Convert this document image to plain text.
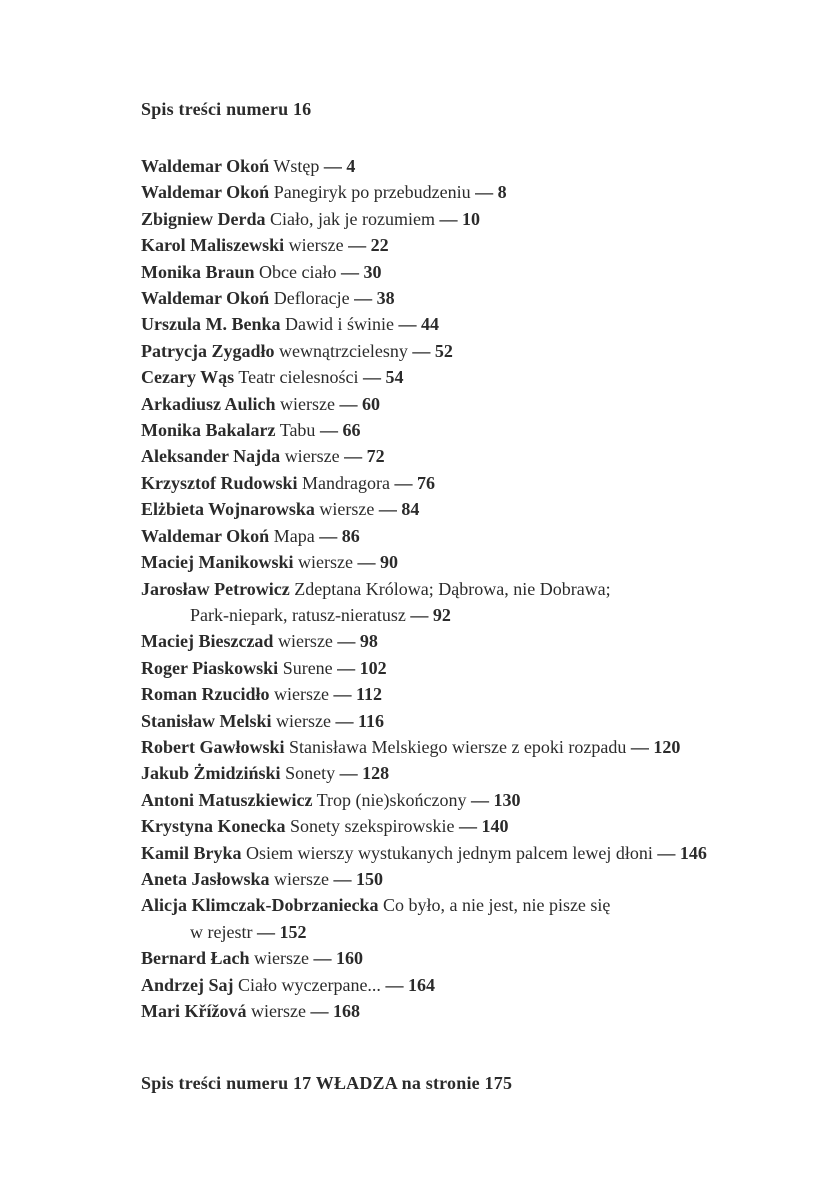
Spis treści numeru 16
Waldemar Okoń Wstęp — 4
Waldemar Okoń Panegiryk po przebudzeniu — 8
Zbigniew Derda Ciało, jak je rozumiem — 10
Karol Maliszewski wiersze — 22
Monika Braun Obce ciało — 30
Waldemar Okoń Defloracje — 38
Urszula M. Benka Dawid i świnie — 44
Patrycja Zygadło wewnątrzcielesny — 52
Cezary Wąs Teatr cielesności — 54
Arkadiusz Aulich wiersze — 60
Monika Bakalarz Tabu — 66
Aleksander Najda wiersze — 72
Krzysztof Rudowski Mandragora — 76
Elżbieta Wojnarowska wiersze — 84
Waldemar Okoń Mapa — 86
Maciej Manikowski wiersze — 90
Jarosław Petrowicz Zdeptana Królowa; Dąbrowa, nie Dobrawa;
Park-niepark, ratusz-nieratusz — 92
Maciej Bieszczad wiersze — 98
Roger Piaskowski Surene — 102
Roman Rzucidło wiersze — 112
Stanisław Melski wiersze — 116
Robert Gawłowski Stanisława Melskiego wiersze z epoki rozpadu — 120
Jakub Żmidziński Sonety — 128
Antoni Matuszkiewicz Trop (nie)skończony — 130
Krystyna Konecka Sonety szekspirowskie — 140
Kamil Bryka Osiem wierszy wystukanych jednym palcem lewej dłoni — 146
Aneta Jasłowska wiersze — 150
Alicja Klimczak-Dobrzaniecka Co było, a nie jest, nie pisze się
w rejestr — 152
Bernard Łach wiersze — 160
Andrzej Saj Ciało wyczerpane... — 164
Mari Křížová wiersze — 168
Spis treści numeru 17 WŁADZA na stronie 175
